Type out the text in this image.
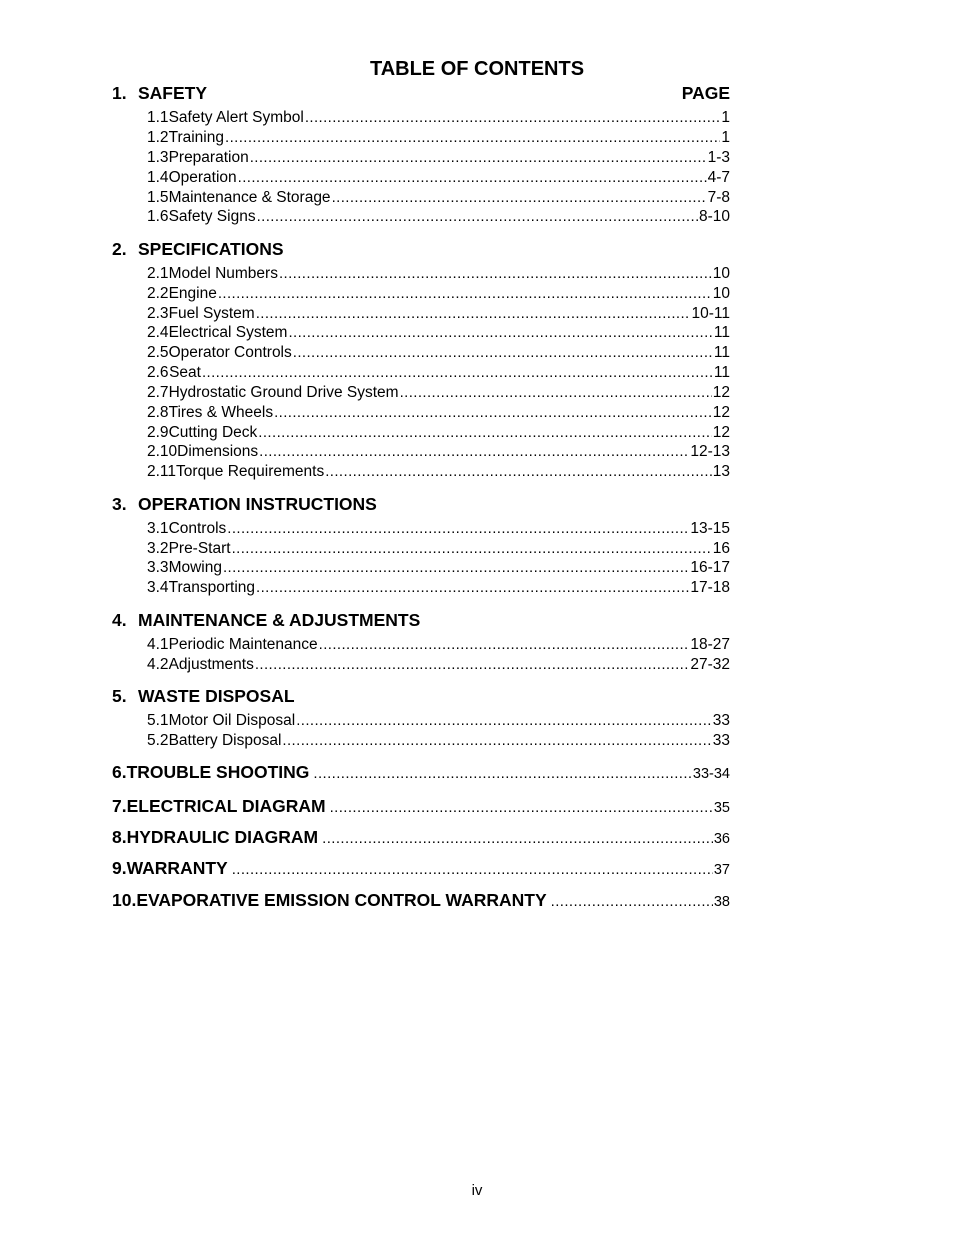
TABLE OF CONTENTS
1. SAFETY	PAGE
1.1 Safety Alert Symbol .....	1
1.2 Training .....	1
1.3 Preparation .....	1-3
1.4 Operation .....	4-7
1.5 Maintenance & Storage .....	7-8
1.6 Safety Signs .....	8-10
2. SPECIFICATIONS
2.1 Model Numbers .....	10
2.2 Engine .....	10
2.3 Fuel System .....	10-11
2.4 Electrical System .....	11
2.5 Operator Controls .....	11
2.6 Seat .....	11
2.7 Hydrostatic Ground Drive System .....	12
2.8 Tires & Wheels .....	12
2.9 Cutting Deck .....	12
2.10 Dimensions .....	12-13
2.11 Torque Requirements .....	13
3. OPERATION INSTRUCTIONS
3.1 Controls .....	13-15
3.2 Pre-Start .....	16
3.3 Mowing .....	16-17
3.4 Transporting .....	17-18
4. MAINTENANCE & ADJUSTMENTS
4.1 Periodic Maintenance .....	18-27
4.2 Adjustments .....	27-32
5. WASTE DISPOSAL
5.1 Motor Oil Disposal .....	33
5.2 Battery Disposal .....	33
6. TROUBLE SHOOTING .....	33-34
7. ELECTRICAL DIAGRAM .....	35
8. HYDRAULIC DIAGRAM .....	36
9. WARRANTY .....	37
10. EVAPORATIVE EMISSION CONTROL WARRANTY .....	38
iv
